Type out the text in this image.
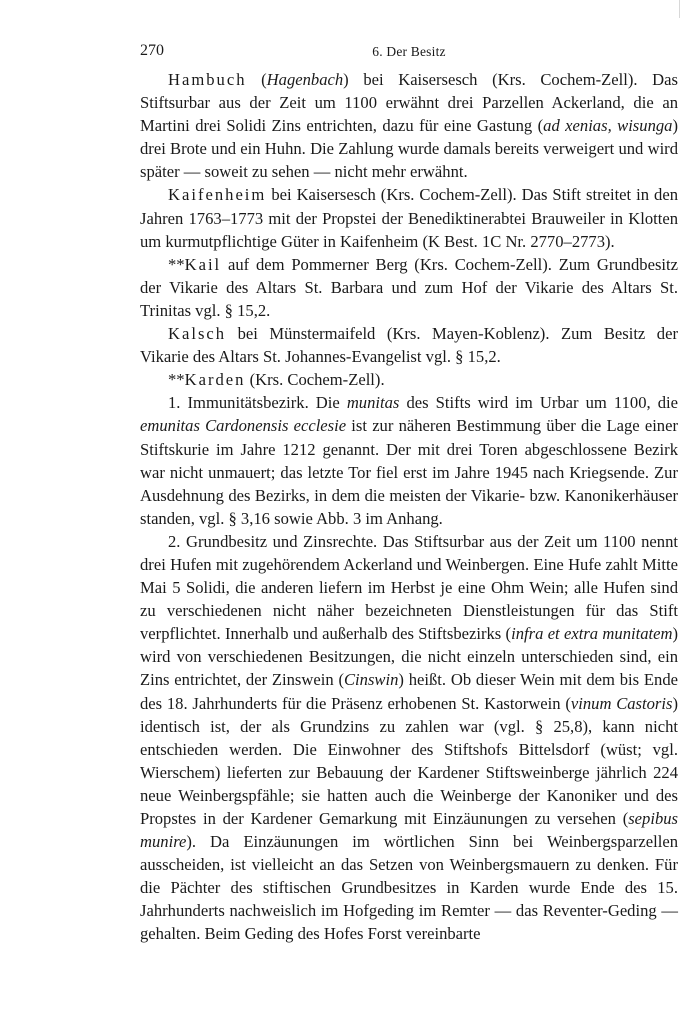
270	6. Der Besitz

Hambuch (Hagenbach) bei Kaisersesch (Krs. Cochem-Zell). Das Stiftsurbar aus der Zeit um 1100 erwähnt drei Parzellen Ackerland, die an Martini drei Solidi Zins entrichten, dazu für eine Gastung (ad xenias, wisunga) drei Brote und ein Huhn. Die Zahlung wurde damals bereits verweigert und wird später — soweit zu sehen — nicht mehr erwähnt.

Kaifenheim bei Kaisersesch (Krs. Cochem-Zell). Das Stift streitet in den Jahren 1763–1773 mit der Propstei der Benediktinerabtei Brauweiler in Klotten um kurmutpflichtige Güter in Kaifenheim (K Best. 1C Nr. 2770–2773).

**Kail auf dem Pommerner Berg (Krs. Cochem-Zell). Zum Grundbesitz der Vikarie des Altars St. Barbara und zum Hof der Vikarie des Altars St. Trinitas vgl. § 15,2.

Kalsch bei Münstermaifeld (Krs. Mayen-Koblenz). Zum Besitz der Vikarie des Altars St. Johannes-Evangelist vgl. § 15,2.

**Karden (Krs. Cochem-Zell).

1. Immunitätsbezirk. Die munitas des Stifts wird im Urbar um 1100, die emunitas Cardonensis ecclesie ist zur näheren Bestimmung über die Lage einer Stiftskurie im Jahre 1212 genannt. Der mit drei Toren abgeschlossene Bezirk war nicht unmauert; das letzte Tor fiel erst im Jahre 1945 nach Kriegsende. Zur Ausdehnung des Bezirks, in dem die meisten der Vikarie- bzw. Kanonikerhäuser standen, vgl. § 3,16 sowie Abb. 3 im Anhang.

2. Grundbesitz und Zinsrechte. Das Stiftsurbar aus der Zeit um 1100 nennt drei Hufen mit zugehörendem Ackerland und Weinbergen. Eine Hufe zahlt Mitte Mai 5 Solidi, die anderen liefern im Herbst je eine Ohm Wein; alle Hufen sind zu verschiedenen nicht näher bezeichneten Dienstleistungen für das Stift verpflichtet. Innerhalb und außerhalb des Stiftsbezirks (infra et extra munitatem) wird von verschiedenen Besitzungen, die nicht einzeln unterschieden sind, ein Zins entrichtet, der Zinswein (Cinswin) heißt. Ob dieser Wein mit dem bis Ende des 18. Jahrhunderts für die Präsenz erhobenen St. Kastorwein (vinum Castoris) identisch ist, der als Grundzins zu zahlen war (vgl. § 25,8), kann nicht entschieden werden. Die Einwohner des Stiftshofs Bittelsdorf (wüst; vgl. Wierschem) lieferten zur Bebauung der Kardener Stiftsweinberge jährlich 224 neue Weinbergspfähle; sie hatten auch die Weinberge der Kanoniker und des Propstes in der Kardener Gemarkung mit Einzäunungen zu versehen (sepibus munire). Da Einzäunungen im wörtlichen Sinn bei Weinbergsparzellen ausscheiden, ist vielleicht an das Setzen von Weinbergsmauern zu denken. Für die Pächter des stiftischen Grundbesitzes in Karden wurde Ende des 15. Jahrhunderts nachweislich im Hofgeding im Remter — das Reventer-Geding — gehalten. Beim Geding des Hofes Forst vereinbarte
